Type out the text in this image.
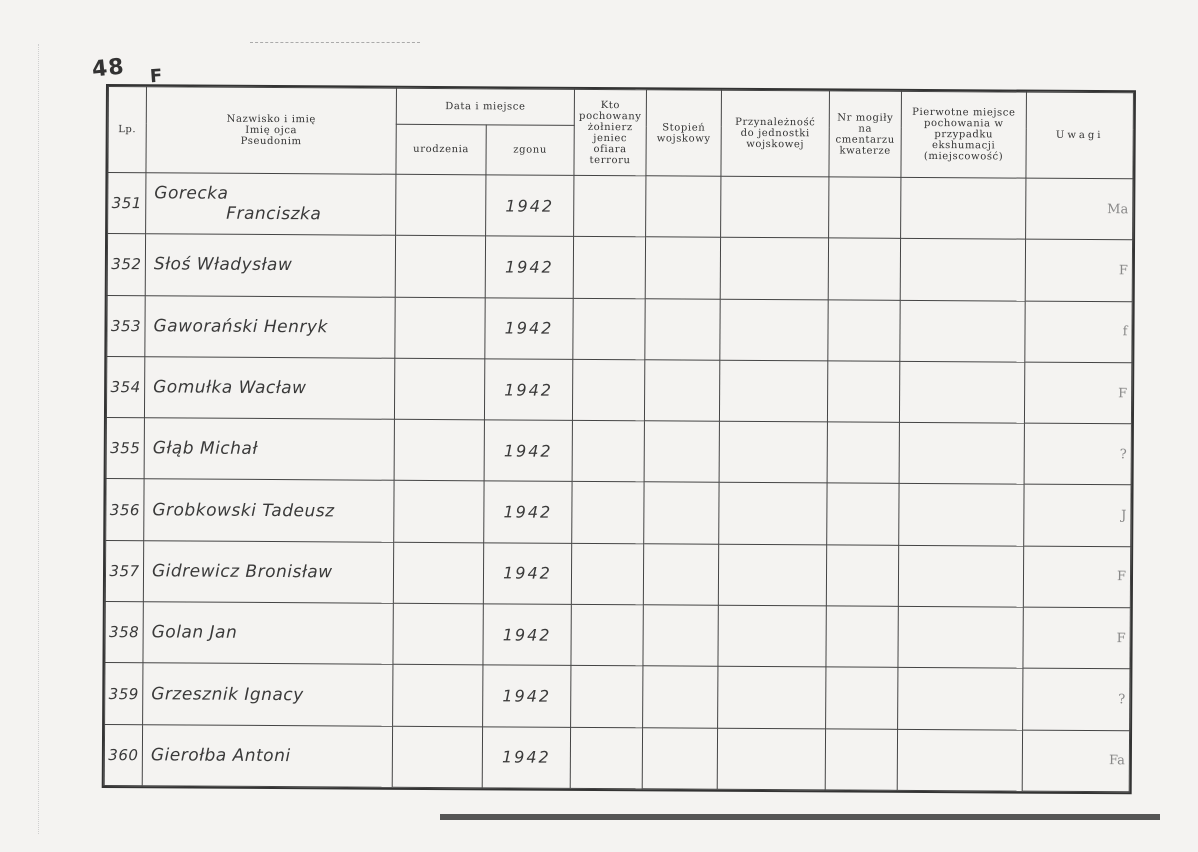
48 F
Lp.	Nazwisko i imię
Imię ojca
Pseudonim	Data i miejsce		Kto pochowany żołnierz jeniec ofiara terroru	Stopień wojskowy	Przynależność do jednostki wojskowej	Nr mogiły na cmentarzu kwaterze	Pierwotne miejsce pochowania w przypadku ekshumacji (miejscowość)	Uwagi
		urodzenia	zgonu						
351	Gorecka
Franciszka		1942						Ma
352	Słoś Władysław		1942						F
353	Gaworański Henryk		1942						f
354	Gomułka Wacław		1942						F
355	Głąb Michał		1942						?
356	Grobkowski Tadeusz		1942						J
357	Gidrewicz Bronisław		1942						F
358	Golan Jan		1942						F
359	Grzesznik Ignacy		1942						?
360	Gierołba Antoni		1942						Fa
